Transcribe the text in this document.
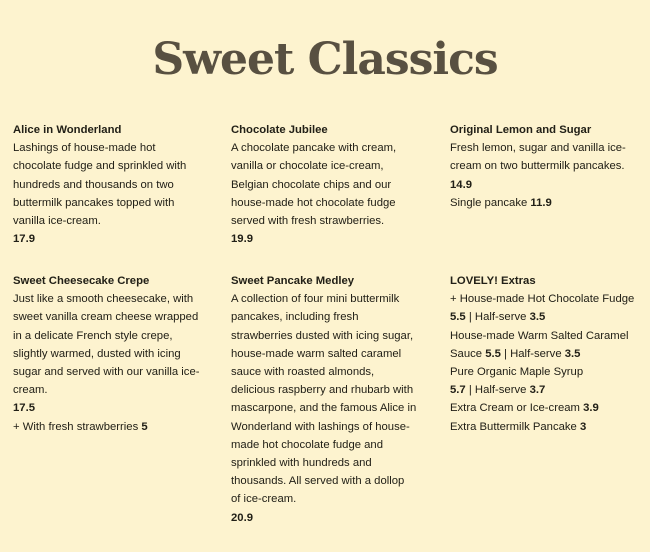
Sweet Classics
Alice in Wonderland
Lashings of house-made hot
chocolate fudge and sprinkled with
hundreds and thousands on two
buttermilk pancakes topped with
vanilla ice-cream.
17.9
Chocolate Jubilee
A chocolate pancake with cream,
vanilla or chocolate ice-cream,
Belgian chocolate chips and our
house-made hot chocolate fudge
served with fresh strawberries.
19.9
Original Lemon and Sugar
Fresh lemon, sugar and vanilla ice-
cream on two buttermilk pancakes.
14.9
Single pancake 11.9
Sweet Cheesecake Crepe
Just like a smooth cheesecake, with
sweet vanilla cream cheese wrapped
in a delicate French style crepe,
slightly warmed, dusted with icing
sugar and served with our vanilla ice-
cream.
17.5
+ With fresh strawberries 5
Sweet Pancake Medley
A collection of four mini buttermilk
pancakes, including fresh
strawberries dusted with icing sugar,
house-made warm salted caramel
sauce with roasted almonds,
delicious raspberry and rhubarb with
mascarpone, and the famous Alice in
Wonderland with lashings of house-
made hot chocolate fudge and
sprinkled with hundreds and
thousands. All served with a dollop
of ice-cream.
20.9
LOVELY! Extras
+ House-made Hot Chocolate Fudge
5.5 | Half-serve 3.5
House-made Warm Salted Caramel
Sauce 5.5 | Half-serve 3.5
Pure Organic Maple Syrup
5.7 | Half-serve 3.7
Extra Cream or Ice-cream 3.9
Extra Buttermilk Pancake 3
